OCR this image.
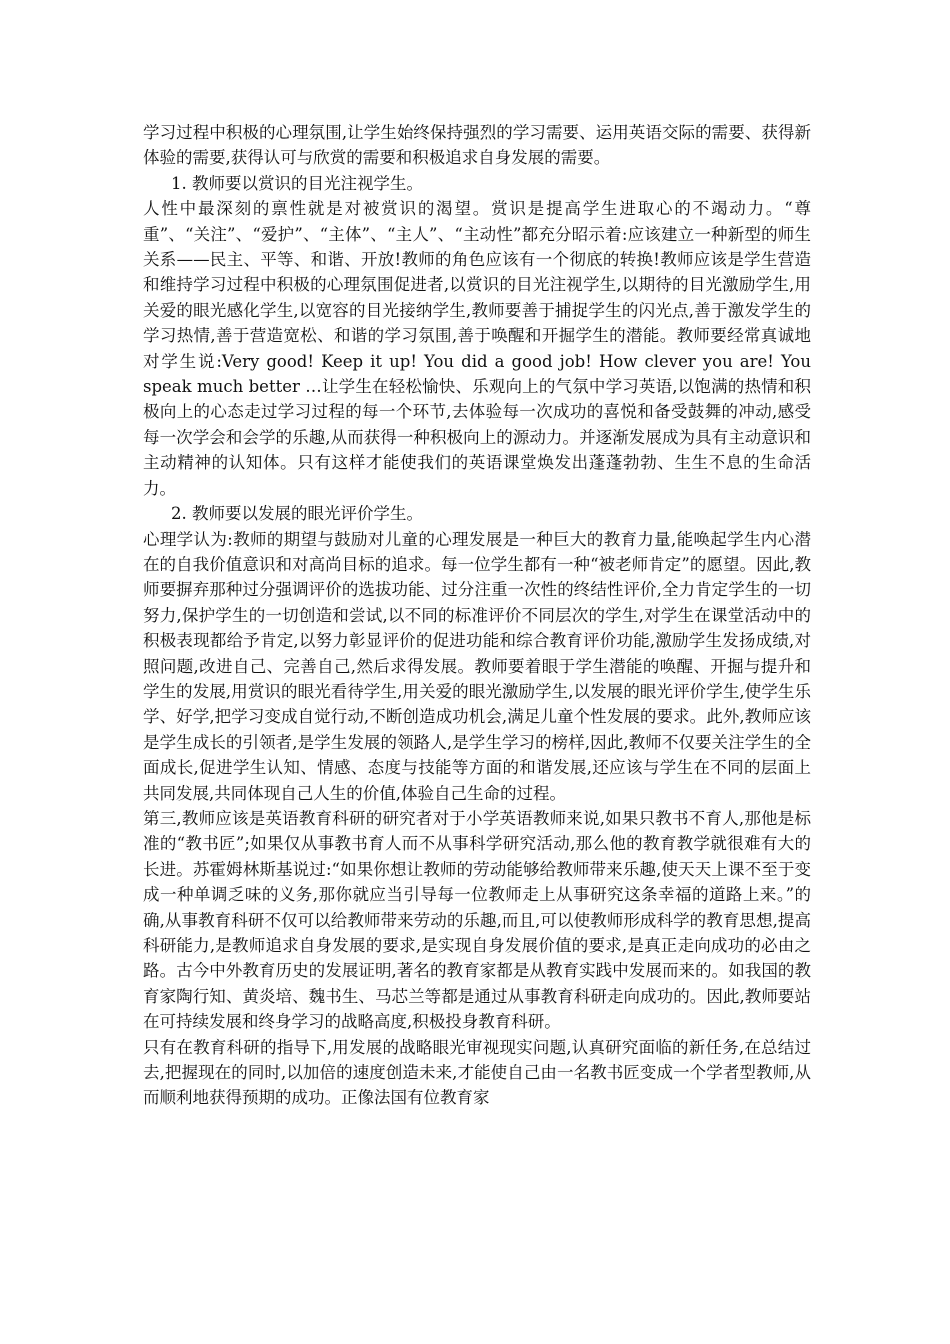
学习过程中积极的心理氛围,让学生始终保持强烈的学习需要、运用英语交际的需要、获得新体验的需要,获得认可与欣赏的需要和积极追求自身发展的需要。

1. 教师要以赏识的目光注视学生。

人性中最深刻的禀性就是对被赏识的渴望。赏识是提高学生进取心的不竭动力。“尊重”、“关注”、“爱护”、“主体”、“主人”、“主动性”都充分昭示着:应该建立一种新型的师生关系——民主、平等、和谐、开放!教师的角色应该有一个彻底的转换!教师应该是学生营造和维持学习过程中积极的心理氛围促进者,以赏识的目光注视学生,以期待的目光激励学生,用关爱的眼光感化学生,以宽容的目光接纳学生,教师要善于捕捉学生的闪光点,善于激发学生的学习热情,善于营造宽松、和谐的学习氛围,善于唤醒和开掘学生的潜能。教师要经常真诚地对学生说:Very good! Keep it up! You did a good job! How clever you are! You speak much better …让学生在轻松愉快、乐观向上的气氛中学习英语,以饱满的热情和积极向上的心态走过学习过程的每一个环节,去体验每一次成功的喜悦和备受鼓舞的冲动,感受每一次学会和会学的乐趣,从而获得一种积极向上的源动力。并逐渐发展成为具有主动意识和主动精神的认知体。只有这样才能使我们的英语课堂焕发出蓬蓬勃勃、生生不息的生命活力。

2. 教师要以发展的眼光评价学生。

心理学认为:教师的期望与鼓励对儿童的心理发展是一种巨大的教育力量,能唤起学生内心潜在的自我价值意识和对高尚目标的追求。每一位学生都有一种“被老师肯定”的愿望。因此,教师要摒弃那种过分强调评价的选拔功能、过分注重一次性的终结性评价,全力肯定学生的一切努力,保护学生的一切创造和尝试,以不同的标准评价不同层次的学生,对学生在课堂活动中的积极表现都给予肯定,以努力彰显评价的促进功能和综合教育评价功能,激励学生发扬成绩,对照问题,改进自己、完善自己,然后求得发展。教师要着眼于学生潜能的唤醒、开掘与提升和学生的发展,用赏识的眼光看待学生,用关爱的眼光激励学生,以发展的眼光评价学生,使学生乐学、好学,把学习变成自觉行动,不断创造成功机会,满足儿童个性发展的要求。此外,教师应该是学生成长的引领者,是学生发展的领路人,是学生学习的榜样,因此,教师不仅要关注学生的全面成长,促进学生认知、情感、态度与技能等方面的和谐发展,还应该与学生在不同的层面上共同发展,共同体现自己人生的价值,体验自己生命的过程。

第三,教师应该是英语教育科研的研究者对于小学英语教师来说,如果只教书不育人,那他是标准的“教书匠”;如果仅从事教书育人而不从事科学研究活动,那么他的教育教学就很难有大的长进。苏霍姆林斯基说过:“如果你想让教师的劳动能够给教师带来乐趣,使天天上课不至于变成一种单调乏味的义务,那你就应当引导每一位教师走上从事研究这条幸福的道路上来。”的确,从事教育科研不仅可以给教师带来劳动的乐趣,而且,可以使教师形成科学的教育思想,提高科研能力,是教师追求自身发展的要求,是实现自身发展价值的要求,是真正走向成功的必由之路。古今中外教育历史的发展证明,著名的教育家都是从教育实践中发展而来的。如我国的教育家陶行知、黄炎培、魏书生、马芯兰等都是通过从事教育科研走向成功的。因此,教师要站在可持续发展和终身学习的战略高度,积极投身教育科研。

只有在教育科研的指导下,用发展的战略眼光审视现实问题,认真研究面临的新任务,在总结过去,把握现在的同时,以加倍的速度创造未来,才能使自己由一名教书匠变成一个学者型教师,从而顺利地获得预期的成功。正像法国有位教育家
